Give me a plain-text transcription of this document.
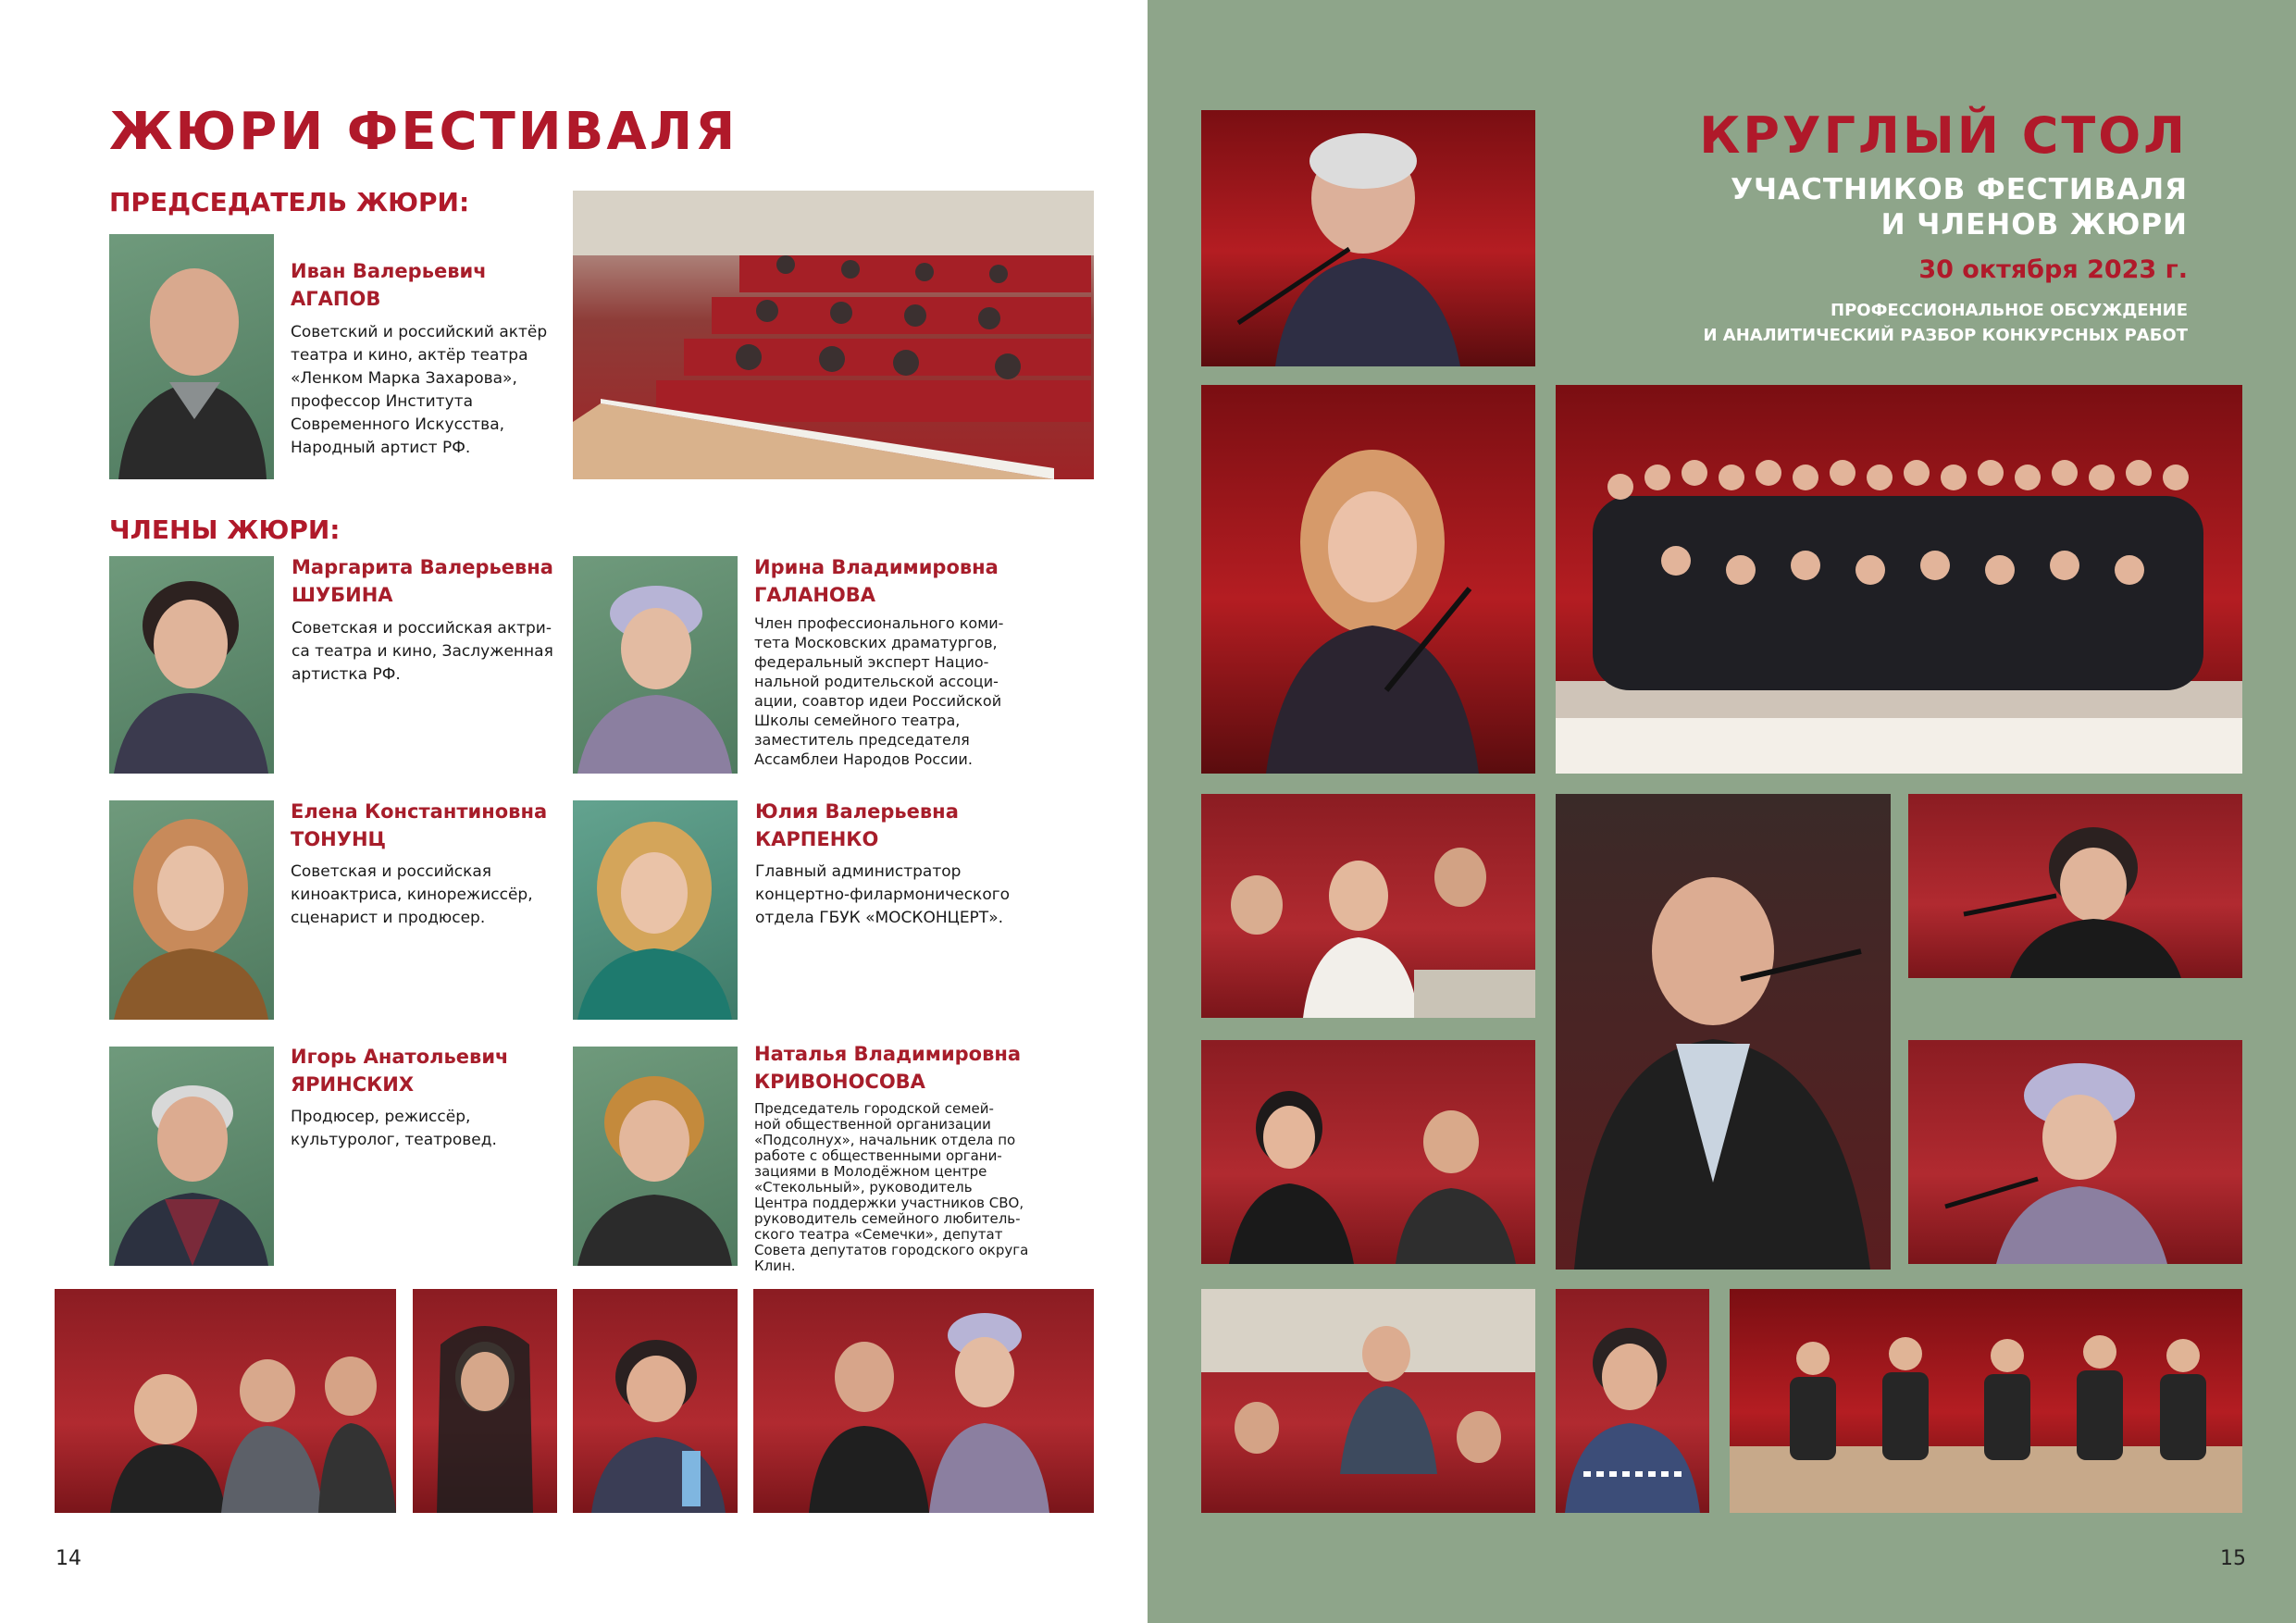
ЖЮРИ ФЕСТИВАЛЯ
ПРЕДСЕДАТЕЛЬ ЖЮРИ:
Иван Валерьевич
АГАПОВ
Советский и российский актёр
театра и кино, актёр театра
«Ленком Марка Захарова»,
профессор Института
Современного Искусства,
Народный артист РФ.
ЧЛЕНЫ ЖЮРИ:
Маргарита Валерьевна
ШУБИНА
Советская и российская актри-
са театра и кино, Заслуженная
артистка РФ.
Ирина Владимировна
ГАЛАНОВА
Член профессионального коми-
тета Московских драматургов,
федеральный эксперт Нацио-
нальной родительской ассоци-
ации, соавтор идеи Российской
Школы семейного театра,
заместитель председателя
Ассамблеи Народов России.
Елена Константиновна
ТОНУНЦ
Советская и российская
киноактриса, кинорежиссёр,
сценарист и продюсер.
Юлия Валерьевна
КАРПЕНКО
Главный администратор
концертно-филармонического
отдела ГБУК «МОСКОНЦЕРТ».
Игорь Анатольевич
ЯРИНСКИХ
Продюсер, режиссёр,
культуролог, театровед.
Наталья Владимировна
КРИВОНОСОВА
Председатель городской семей-
ной общественной организации
«Подсолнух», начальник отдела по
работе с общественными органи-
зациями в Молодёжном центре
«Стекольный», руководитель
Центра поддержки участников СВО,
руководитель семейного любитель-
ского театра «Семечки», депутат
Совета депутатов городского округа
Клин.
14
КРУГЛЫЙ СТОЛ
УЧАСТНИКОВ ФЕСТИВАЛЯ
И ЧЛЕНОВ ЖЮРИ
30 октября 2023 г.
ПРОФЕССИОНАЛЬНОЕ ОБСУЖДЕНИЕ
И АНАЛИТИЧЕСКИЙ РАЗБОР КОНКУРСНЫХ РАБОТ
15
